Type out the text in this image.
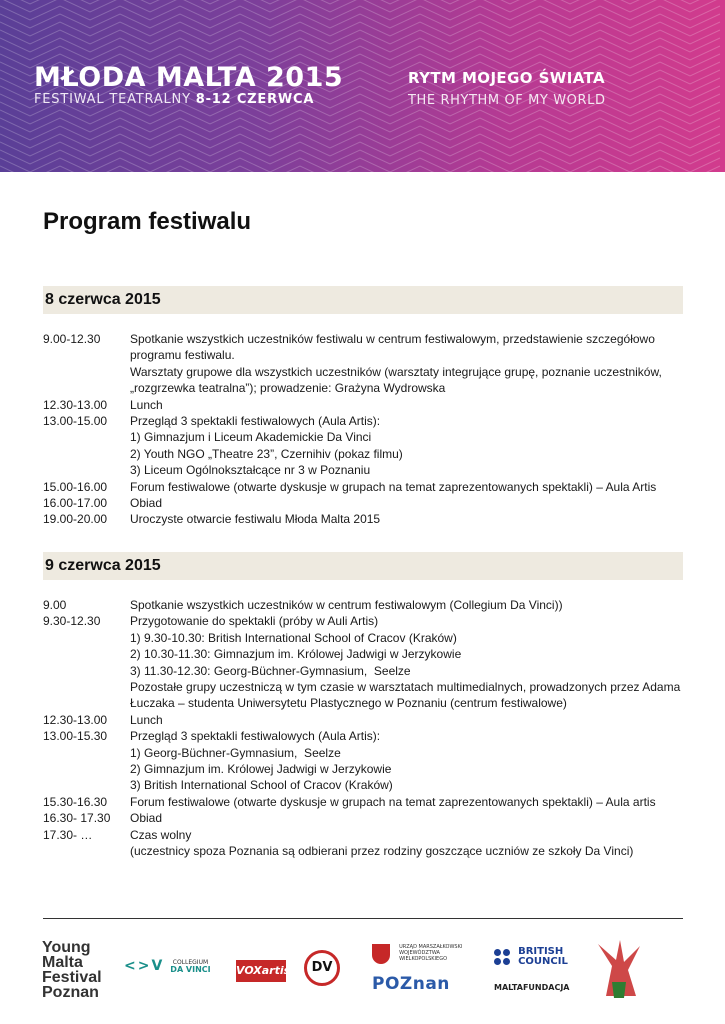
MŁODA MALTA 2015
FESTIWAL TEATRALNY 8-12 CZERWCA
RYTM MOJEGO ŚWIATA
THE RHYTHM OF MY WORLD
Program festiwalu
8 czerwca 2015
9.00-12.30	Spotkanie wszystkich uczestników festiwalu w centrum festiwalowym, przedstawienie szczegółowo programu festiwalu.
Warsztaty grupowe dla wszystkich uczestników (warsztaty integrujące grupę, poznanie uczestników, „rozgrzewka teatralna”); prowadzenie: Grażyna Wydrowska
12.30-13.00	Lunch
13.00-15.00	Przegląd 3 spektakli festiwalowych (Aula Artis):
1) Gimnazjum i Liceum Akademickie Da Vinci
2) Youth NGO „Theatre 23”, Czernihiv (pokaz filmu)
3) Liceum Ogólnokształcące nr 3 w Poznaniu
15.00-16.00	Forum festiwalowe (otwarte dyskusje w grupach na temat zaprezentowanych spektakli) – Aula Artis
16.00-17.00	Obiad
19.00-20.00	Uroczyste otwarcie festiwalu Młoda Malta 2015
9 czerwca 2015
9.00	Spotkanie wszystkich uczestników w centrum festiwalowym (Collegium Da Vinci))
9.30-12.30	Przygotowanie do spektakli (próby w Auli Artis)
1) 9.30-10.30: British International School of Cracov (Kraków)
2) 10.30-11.30: Gimnazjum im. Królowej Jadwigi w Jerzykowie
3) 11.30-12.30: Georg-Büchner-Gymnasium,  Seelze
Pozostałe grupy uczestniczą w tym czasie w warsztatach multimedialnych, prowadzonych przez Adama Łuczaka – studenta Uniwersytetu Plastycznego w Poznaniu (centrum festiwalowe)
12.30-13.00	Lunch
13.00-15.30	Przegląd 3 spektakli festiwalowych (Aula Artis):
1) Georg-Büchner-Gymnasium,  Seelze
2) Gimnazjum im. Królowej Jadwigi w Jerzykowie
3) British International School of Cracov (Kraków)
15.30-16.30	Forum festiwalowe (otwarte dyskusje w grupach na temat zaprezentowanych spektakli) – Aula artis
16.30- 17.30	Obiad
17.30- …	Czas wolny
(uczestnicy spoza Poznania są odbierani przez rodziny goszczące uczniów ze szkoły Da Vinci)
Young
Malta
Festival
Poznan
<>V	COLLEGIUM
DA VINCI VOXartis	DV
URZĄD MARSZAŁKOWSKI WOJEWÓDZTWA WIELKOPOLSKIEGO
POZnan
BRITISH
COUNCIL
MALTAFUNDACJA
